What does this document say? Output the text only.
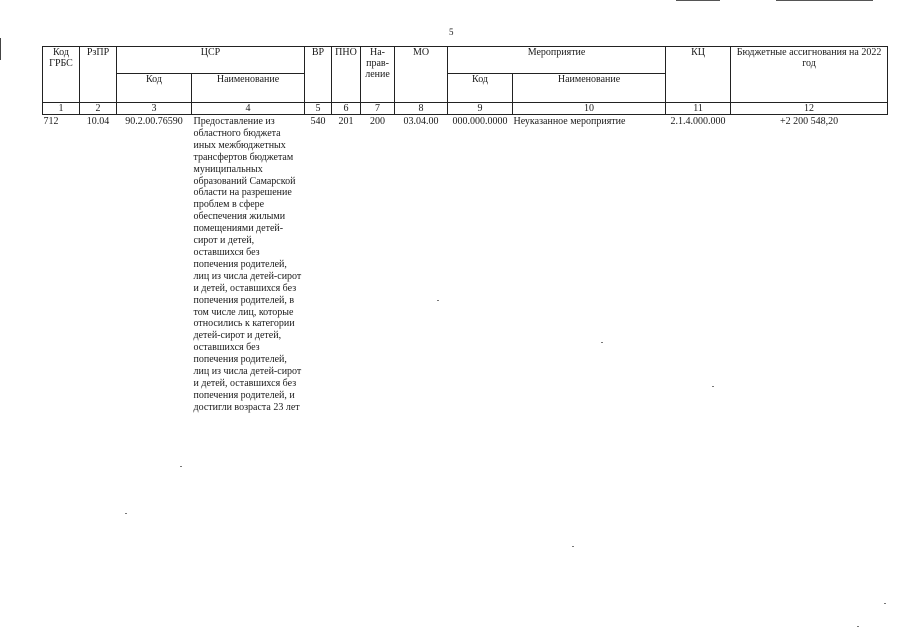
5
Код ГРБС	РзПР	ЦСР		ВР	ПНО	На-прав-ление	МО	Мероприятие		КЦ	Бюджетные ассигнования на 2022 год
		Код	Наименование					Код	Наименование		
1	2	3	4	5	6	7	8	9	10	11	12
712	10.04	90.2.00.76590	Предоставление из областного бюджета иных межбюджетных трансфертов бюджетам муниципальных образований Самарской области на разрешение проблем в сфере обеспечения жилыми помещениями детей-сирот и детей, оставшихся без попечения родителей, лиц из числа детей-сирот и детей, оставшихся без попечения родителей, в том числе лиц, которые относились к категории детей-сирот и детей, оставшихся без попечения родителей, лиц из числа детей-сирот и детей, оставшихся без попечения родителей, и достигли возраста 23 лет	540	201	200	03.04.00	000.000.0000	Неуказанное мероприятие	2.1.4.000.000	+2 200 548,20
